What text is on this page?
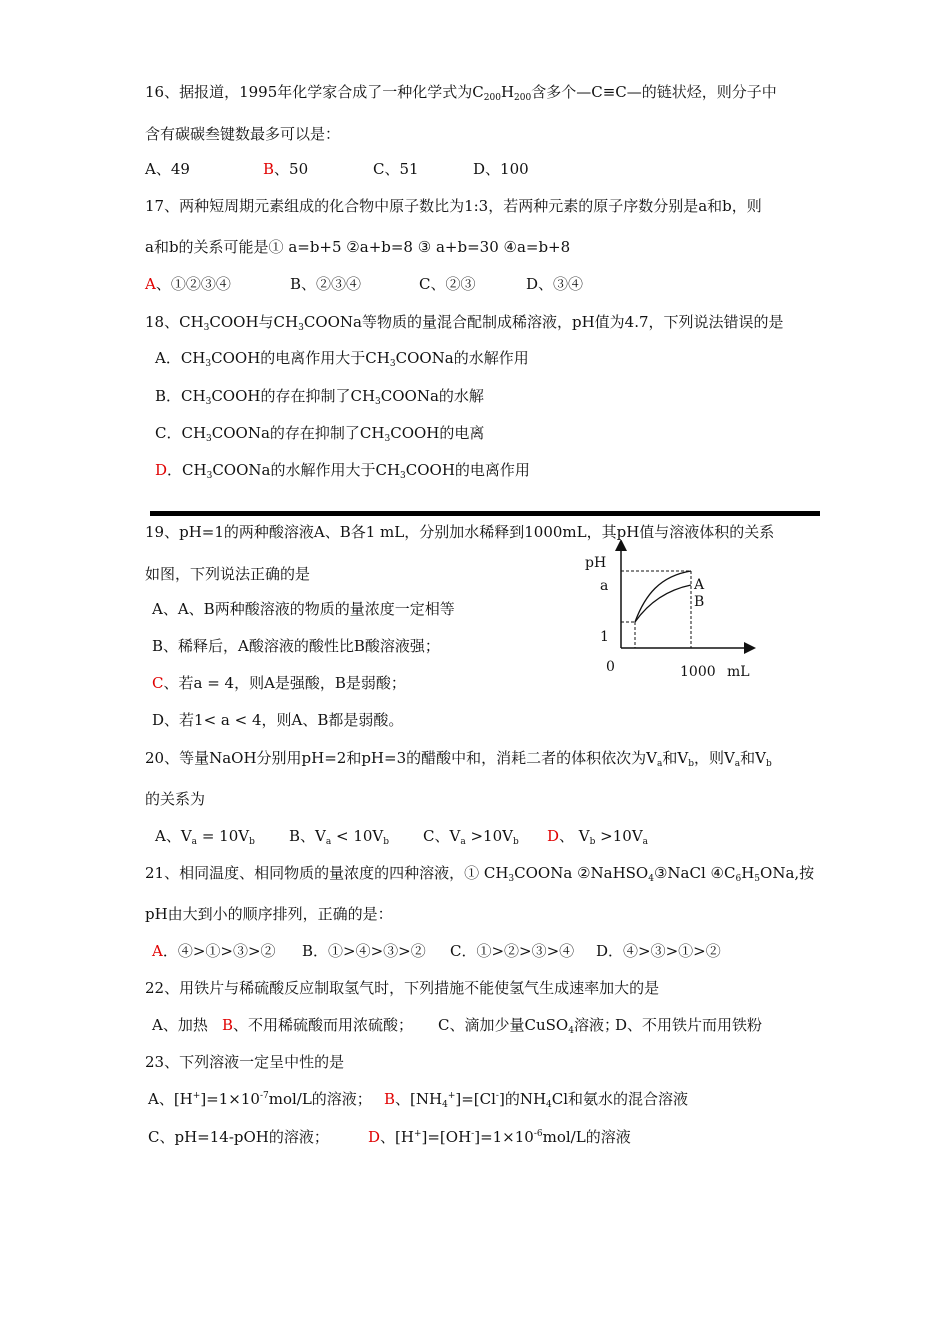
16、据报道，1995年化学家合成了一种化学式为$C_{200}H_{200}$含多个—C≡C—的链状烃，则分子中
含有碳碳叁键数最多可以是：
A、49	B、50	C、51	D、100
17、两种短周期元素组成的化合物中原子数比为1:3，若两种元素的原子序数分别是a和b，则
a和b的关系可能是① a=b+5 ②a+b=8 ③ a+b=30 ④a=b+8
A、①②③④	B、②③④	C、②③	D、③④
18、$CH_3COOH$与$CH_3COONa$等物质的量混合配制成稀溶液，pH值为4.7，下列说法错误的是
A．$CH_3COOH$的电离作用大于$CH_3COONa$的水解作用
B．$CH_3COOH$的存在抑制了$CH_3COONa$的水解
C．$CH_3COONa$的存在抑制了$CH_3COOH$的电离
D．$CH_3COONa$的水解作用大于$CH_3COOH$的电离作用
19、pH=1的两种酸溶液A、B各1 mL，分别加水稀释到1000mL，其pH值与溶液体积的关系
如图，下列说法正确的是
A、A、B两种酸溶液的物质的量浓度一定相等
B、稀释后，A酸溶液的酸性比B酸溶液强；
C、若a = 4，则A是强酸，B是弱酸；
D、若1< a < 4，则A、B都是弱酸。
pH
a
1
0	1000 mL
A
B
20、等量NaOH分别用pH=2和pH=3的醋酸中和，消耗二者的体积依次为$V_a$和$V_b$，则$V_a$和$V_b$
的关系为
A、$V_a = 10V_b$ B、$V_a < 10V_b$ C、$V_a >10V_b$ D、 $V_b >10V_a$
21、相同温度、相同物质的量浓度的四种溶液，① $CH_3COONa$ ②NaHSO$_4$③NaCl $④C_6H_5ONa$,按
pH由大到小的顺序排列，正确的是：
A．④>①>③>② B．①>④>③>② C．①>②>③>④ D．④>③>①>②
22、用铁片与稀硫酸反应制取氢气时，下列措施不能使氢气生成速率加大的是
A、加热 B、不用稀硫酸而用浓硫酸； C、滴加少量CuSO$_4$溶液；D、不用铁片而用铁粉
23、下列溶液一定呈中性的是
A、$[H^+]=1\times 10^{-7}mol/L$的溶液； B、$[NH_4^+]=[Cl^-]$的$NH_4Cl$和氨水的混合溶液
C、pH=14-pOH的溶液；	D、$[H^+]=[OH^-]=1\times 10^{-6}mol/L$的溶液
